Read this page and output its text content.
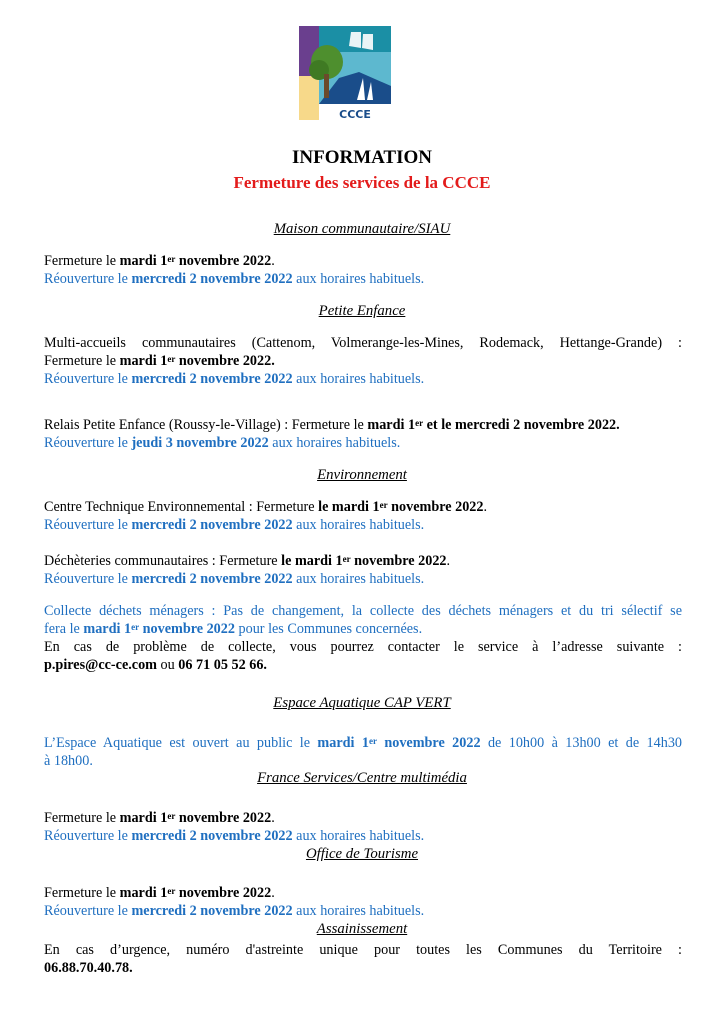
CCCE
INFORMATION
Fermeture des services de la CCCE
Maison communautaire/SIAU
Fermeture le mardi 1er novembre 2022.
Réouverture le mercredi 2 novembre 2022 aux horaires habituels.
Petite Enfance
Multi-accueils communautaires (Cattenom, Volmerange-les-Mines, Rodemack, Hettange-Grande) :
Fermeture le mardi 1er novembre 2022.
Réouverture le mercredi 2 novembre 2022 aux horaires habituels.
Relais Petite Enfance (Roussy-le-Village) : Fermeture le mardi 1er et le mercredi 2 novembre 2022.
Réouverture le jeudi 3 novembre 2022 aux horaires habituels.
Environnement
Centre Technique Environnemental : Fermeture le mardi 1er novembre 2022.
Réouverture le mercredi 2 novembre 2022 aux horaires habituels.
Déchèteries communautaires : Fermeture le mardi 1er novembre 2022.
Réouverture le mercredi 2 novembre 2022 aux horaires habituels.
Collecte déchets ménagers : Pas de changement, la collecte des déchets ménagers et du tri sélectif se
fera le mardi 1er novembre 2022 pour les Communes concernées.
En cas de problème de collecte, vous pourrez contacter le service à l’adresse suivante :
p.pires@cc-ce.com ou 06 71 05 52 66.
Espace Aquatique CAP VERT
L’Espace Aquatique est ouvert au public le mardi 1er novembre 2022 de 10h00 à 13h00 et de 14h30
à 18h00.
France Services/Centre multimédia
Fermeture le mardi 1er novembre 2022.
Réouverture le mercredi 2 novembre 2022 aux horaires habituels.
Office de Tourisme
Fermeture le mardi 1er novembre 2022.
Réouverture le mercredi 2 novembre 2022 aux horaires habituels.
Assainissement
En cas d’urgence, numéro d'astreinte unique pour toutes les Communes du Territoire :
06.88.70.40.78.
